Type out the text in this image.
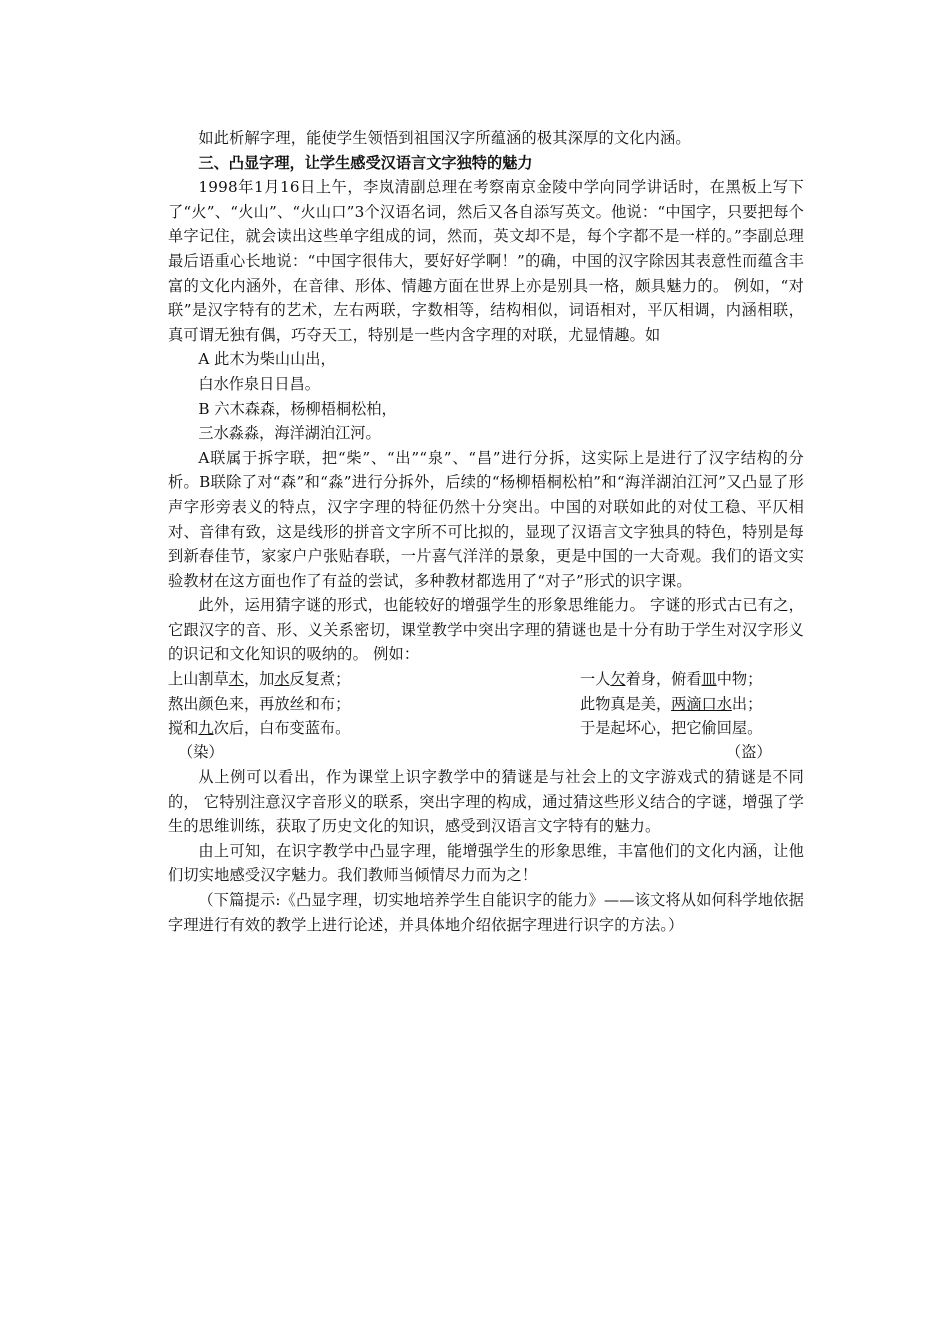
如此析解字理，能使学生领悟到祖国汉字所蕴涵的极其深厚的文化内涵。

三、凸显字理，让学生感受汉语言文字独特的魅力

1998年1月16日上午，李岚清副总理在考察南京金陵中学向同学讲话时，在黑板上写下了“火”、“火山”、“火山口”3个汉语名词，然后又各自添写英文。他说：“中国字，只要把每个单字记住，就会读出这些单字组成的词，然而，英文却不是，每个字都不是一样的。”李副总理最后语重心长地说：“中国字很伟大，要好好学啊！”的确，中国的汉字除因其表意性而蕴含丰富的文化内涵外，在音律、形体、情趣方面在世界上亦是别具一格，颇具魅力的。 例如，“对联”是汉字特有的艺术，左右两联，字数相等，结构相似，词语相对，平仄相调，内涵相联，真可谓无独有偶，巧夺天工，特别是一些内含字理的对联，尤显情趣。如

A 此木为柴山山出，

白水作泉日日昌。

B 六木森森，杨柳梧桐松柏，

三水淼淼，海洋湖泊江河。

A联属于拆字联，把“柴”、“出”“泉”、“昌”进行分拆，这实际上是进行了汉字结构的分析。B联除了对“森”和“淼”进行分拆外，后续的“杨柳梧桐松柏”和“海洋湖泊江河”又凸显了形声字形旁表义的特点，汉字字理的特征仍然十分突出。中国的对联如此的对仗工稳、平仄相对、音律有致，这是线形的拼音文字所不可比拟的，显现了汉语言文字独具的特色，特别是每到新春佳节，家家户户张贴春联，一片喜气洋洋的景象，更是中国的一大奇观。我们的语文实验教材在这方面也作了有益的尝试，多种教材都选用了“对子”形式的识字课。

此外，运用猜字谜的形式，也能较好的增强学生的形象思维能力。 字谜的形式古已有之，它跟汉字的音、形、义关系密切，课堂教学中突出字理的猜谜也是十分有助于学生对汉字形义的识记和文化知识的吸纳的。 例如：

上山割草木，加水反复煮；

熬出颜色来，再放丝和布；

搅和九次后，白布变蓝布。

一人欠着身，俯看皿中物；

此物真是美，两滴口水出；

于是起坏心，把它偷回屋。

（染）	（盗）

从上例可以看出，作为课堂上识字教学中的猜谜是与社会上的文字游戏式的猜谜是不同的， 它特别注意汉字音形义的联系，突出字理的构成，通过猜这些形义结合的字谜，增强了学生的思维训练，获取了历史文化的知识，感受到汉语言文字特有的魅力。

由上可知，在识字教学中凸显字理，能增强学生的形象思维，丰富他们的文化内涵，让他们切实地感受汉字魅力。我们教师当倾情尽力而为之！

（下篇提示:《凸显字理，切实地培养学生自能识字的能力》——该文将从如何科学地依据字理进行有效的教学上进行论述，并具体地介绍依据字理进行识字的方法。）
